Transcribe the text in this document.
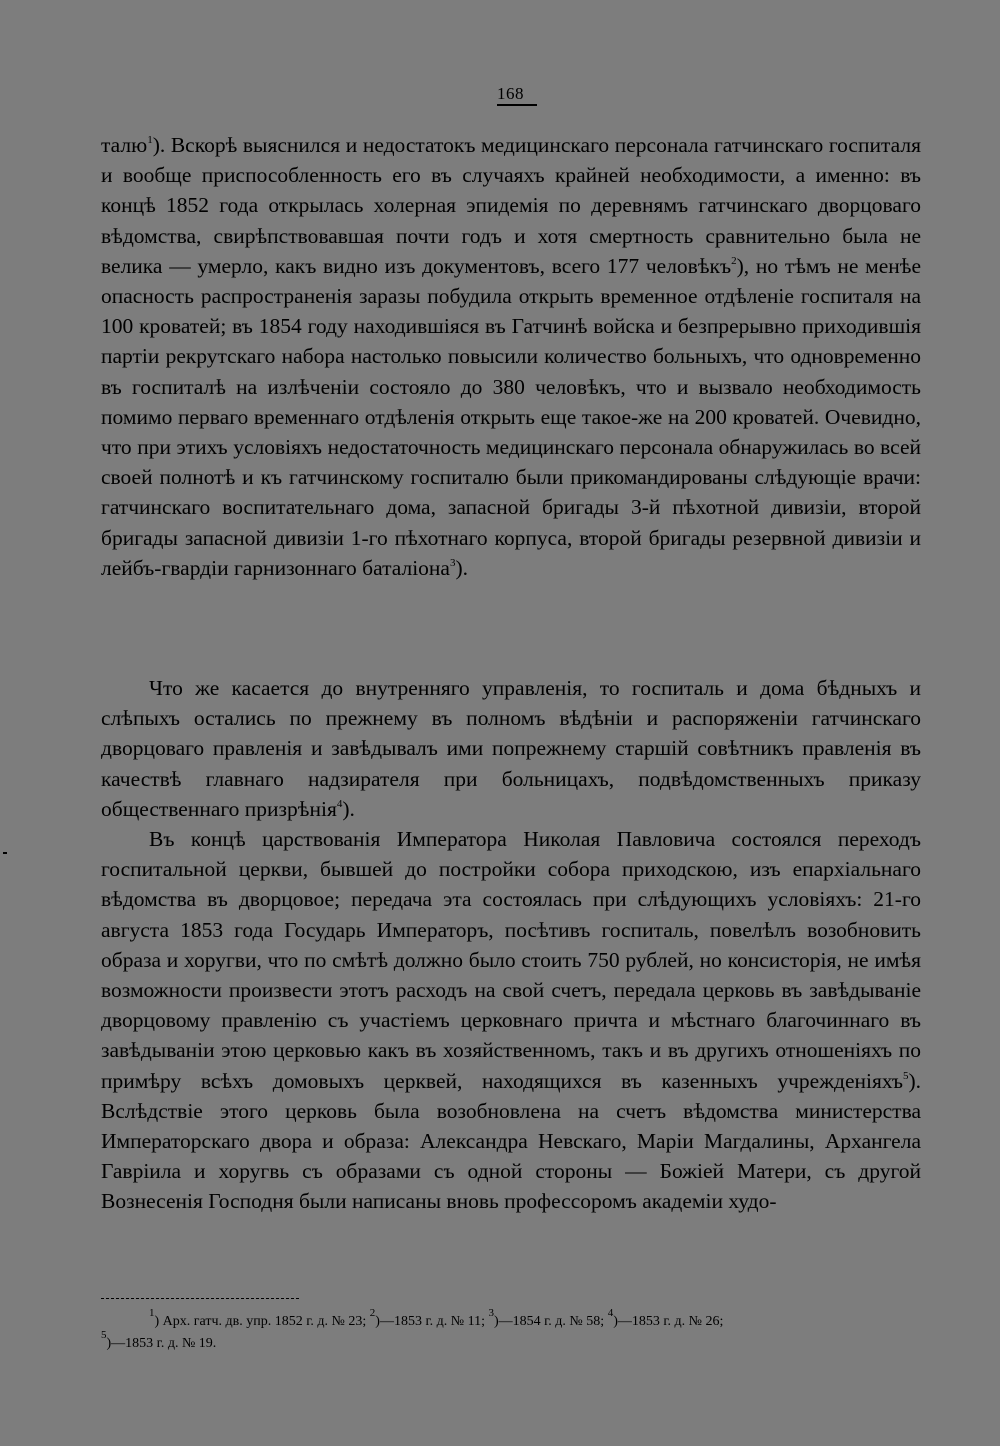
168

талю$^1$). Вскорѣ выяснился и недостатокъ медицинскаго персонала гатчинскаго госпиталя и вообще приспособленность его въ случаяхъ крайней необходимости, а именно: въ концѣ 1852 года открылась холерная эпидемія по деревнямъ гатчинскаго дворцоваго вѣдомства, свирѣпствовавшая почти годъ и хотя смертность сравнительно была не велика — умерло, какъ видно изъ документовъ, всего 177 человѣкъ$^2$), но тѣмъ не менѣе опасность распространенія заразы побудила открыть временное отдѣленіе госпиталя на 100 кроватей; въ 1854 году находившіяся въ Гатчинѣ войска и безпрерывно приходившія партіи рекрутскаго набора настолько повысили количество больныхъ, что одновременно въ госпиталѣ на излѣченіи состояло до 380 человѣкъ, что и вызвало необходимость помимо перваго временнаго отдѣленія открыть еще такое-же на 200 кроватей. Очевидно, что при этихъ условіяхъ недостаточность медицинскаго персонала обнаружилась во всей своей полнотѣ и къ гатчинскому госпиталю были прикомандированы слѣдующіе врачи: гатчинскаго воспитательнаго дома, запасной бригады 3-й пѣхотной дивизіи, второй бригады запасной дивизіи 1-го пѣхотнаго корпуса, второй бригады резервной дивизіи и лейбъ-гвардіи гарнизоннаго баталіона$^3$).

Что же касается до внутренняго управленія, то госпиталь и дома бѣдныхъ и слѣпыхъ остались по прежнему въ полномъ вѣдѣніи и распоряженіи гатчинскаго дворцоваго правленія и завѣдывалъ ими попрежнему старшій совѣтникъ правленія въ качествѣ главнаго надзирателя при больницахъ, подвѣдомственныхъ приказу общественнаго призрѣнія$^4$).

Въ концѣ царствованія Императора Николая Павловича состоялся переходъ госпитальной церкви, бывшей до постройки собора приходскою, изъ епархіальнаго вѣдомства въ дворцовое; передача эта состоялась при слѣдующихъ условіяхъ: 21-го августа 1853 года Государь Императоръ, посѣтивъ госпиталь, повелѣлъ возобновить образа и хоругви, что по смѣтѣ должно было стоить 750 рублей, но консисторія, не имѣя возможности произвести этотъ расходъ на свой счетъ, передала церковь въ завѣдываніе дворцовому правленію съ участіемъ церковнаго причта и мѣстнаго благочиннаго въ завѣдываніи этою церковью какъ въ хозяйственномъ, такъ и въ другихъ отношеніяхъ по примѣру всѣхъ домовыхъ церквей, находящихся въ казенныхъ учрежденіяхъ$^5$). Вслѣдствіе этого церковь была возобновлена на счетъ вѣдомства министерства Императорскаго двора и образа: Александра Невскаго, Маріи Магдалины, Архангела Гавріила и хоругвь съ образами съ одной стороны — Божіей Матери, съ другой Вознесенія Господня были написаны вновь профессоромъ академіи худо-

$^1$) Арх. гатч. дв. упр. 1852 г. д. № 23; $^2$)—1853 г. д. № 11; $^3$)—1854 г. д. № 58; $^4$)—1853 г. д. № 26;

$^5$)—1853 г. д. № 19.
